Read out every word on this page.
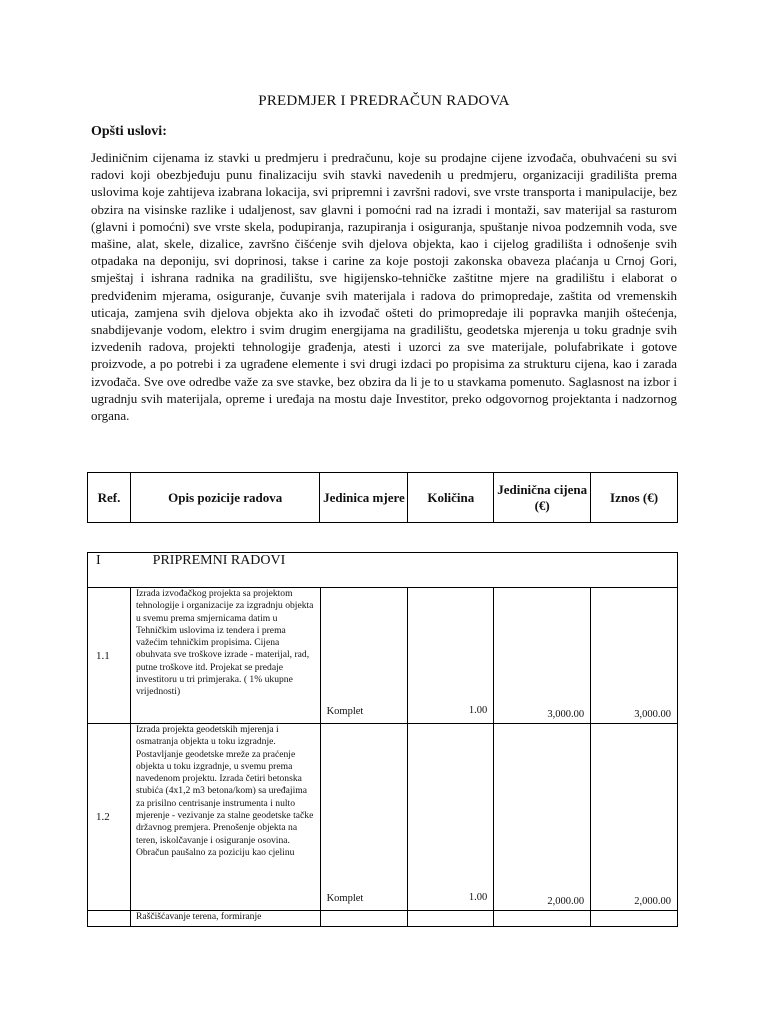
PREDMJER I PREDRAČUN RADOVA
Opšti uslovi:

Jediničnim cijenama iz stavki u predmjeru i predračunu, koje su prodajne cijene izvođača, obuhvaćeni su svi radovi koji obezbjeđuju punu finalizaciju svih stavki navedenih u predmjeru, organizaciji gradilišta prema uslovima koje zahtijeva izabrana lokacija, svi pripremni i završni radovi, sve vrste transporta i manipulacije, bez obzira na visinske razlike i udaljenost, sav glavni i pomoćni rad na izradi i montaži, sav materijal sa rasturom (glavni i pomoćni) sve vrste skela, podupiranja, razupiranja i osiguranja, spuštanje nivoa podzemnih voda, sve mašine, alat, skele, dizalice, završno čišćenje svih djelova objekta, kao i cijelog gradilišta i odnošenje svih otpadaka na deponiju, svi doprinosi, takse i carine za koje postoji zakonska obaveza plaćanja u Crnoj Gori, smještaj i ishrana radnika na gradilištu, sve higijensko-tehničke zaštitne mjere na gradilištu i elaborat o predviđenim mjerama, osiguranje, čuvanje svih materijala i radova do primopredaje, zaštita od vremenskih uticaja, zamjena svih djelova objekta ako ih izvođač ošteti do primopredaje ili popravka manjih oštećenja, snabdijevanje vodom, elektro i svim drugim energijama na gradilištu, geodetska mjerenja u toku gradnje svih izvedenih radova, projekti tehnologije građenja, atesti i uzorci za sve materijale, polufabrikate i gotove proizvode, a po potrebi i za ugrađene elemente i svi drugi izdaci po propisima za strukturu cijena, kao i zarada izvođača. Sve ove odredbe važe za sve stavke, bez obzira da li je to u stavkama pomenuto. Saglasnost na izbor i ugradnju svih materijala, opreme i uređaja na mostu daje Investitor, preko odgovornog projektanta i nadzornog organa.

Ref.	Opis pozicije radova	Jedinica mjere	Količina	Jedinična cijena (€)	Iznos (€)
I PRIPREMNI RADOVI					
1.1	Izrada izvođačkog projekta sa projektom tehnologije i organizacije za izgradnju objekta u svemu prema smjernicama datim u Tehničkim uslovima iz tendera i prema važećim tehničkim propisima. Cijena obuhvata sve troškove izrade - materijal, rad, putne troškove itd. Projekat se predaje investitoru u tri primjeraka. ( 1% ukupne vrijednosti)	Komplet	1.00	3,000.00	3,000.00
1.2	Izrada projekta geodetskih mjerenja i osmatranja objekta u toku izgradnje. Postavljanje geodetske mreže za praćenje objekta u toku izgradnje, u svemu prema navedenom projektu. Izrada četiri betonska stubića (4x1,2 m3 betona/kom) sa uređajima za prisilno centrisanje instrumenta i nulto mjerenje - vezivanje za stalne geodetske tačke državnog premjera. Prenošenje objekta na teren, iskolčavanje i osiguranje osovina. Obračun paušalno za poziciju kao cjelinu	Komplet	1.00	2,000.00	2,000.00
	Raščišćavanje terena, formiranje				
